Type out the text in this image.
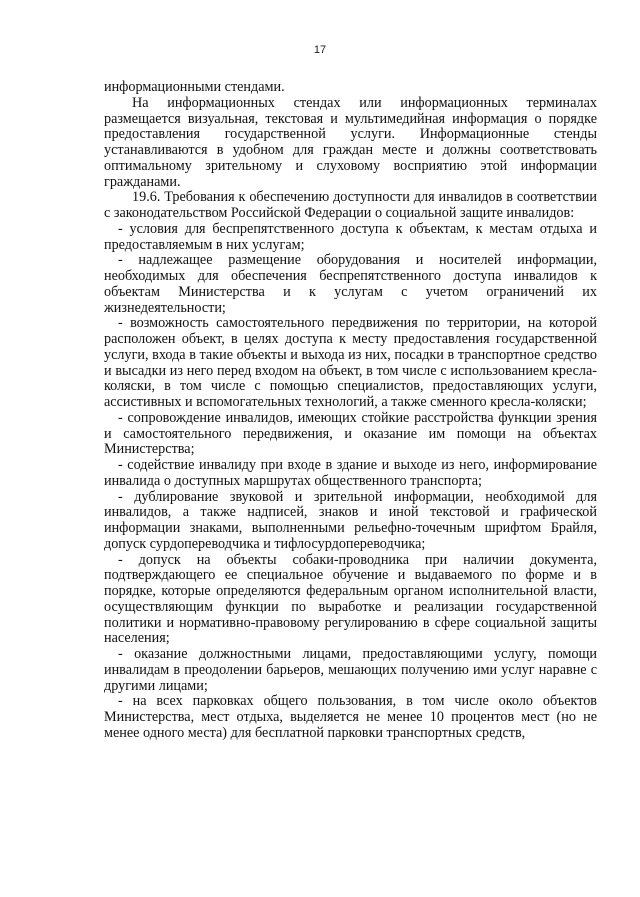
17

информационными стендами.

На информационных стендах или информационных терминалах размещается визуальная, текстовая и мультимедийная информация о порядке предоставления государственной услуги. Информационные стенды устанавливаются в удобном для граждан месте и должны соответствовать оптимальному зрительному и слуховому восприятию этой информации гражданами.

19.6. Требования к обеспечению доступности для инвалидов в соответствии с законодательством Российской Федерации о социальной защите инвалидов:

- условия для беспрепятственного доступа к объектам, к местам отдыха и предоставляемым в них услугам;

- надлежащее размещение оборудования и носителей информации, необходимых для обеспечения беспрепятственного доступа инвалидов к объектам Министерства и к услугам с учетом ограничений их жизнедеятельности;

- возможность самостоятельного передвижения по территории, на которой расположен объект, в целях доступа к месту предоставления государственной услуги, входа в такие объекты и выхода из них, посадки в транспортное средство и высадки из него перед входом на объект, в том числе с использованием кресла-коляски, в том числе с помощью специалистов, предоставляющих услуги, ассистивных и вспомогательных технологий, а также сменного кресла-коляски;

- сопровождение инвалидов, имеющих стойкие расстройства функции зрения и самостоятельного передвижения, и оказание им помощи на объектах Министерства;

- содействие инвалиду при входе в здание и выходе из него, информирование инвалида о доступных маршрутах общественного транспорта;

- дублирование звуковой и зрительной информации, необходимой для инвалидов, а также надписей, знаков и иной текстовой и графической информации знаками, выполненными рельефно-точечным шрифтом Брайля, допуск сурдопереводчика и тифлосурдопереводчика;

- допуск на объекты собаки-проводника при наличии документа, подтверждающего ее специальное обучение и выдаваемого по форме и в порядке, которые определяются федеральным органом исполнительной власти, осуществляющим функции по выработке и реализации государственной политики и нормативно-правовому регулированию в сфере социальной защиты населения;

- оказание должностными лицами, предоставляющими услугу, помощи инвалидам в преодолении барьеров, мешающих получению ими услуг наравне с другими лицами;

- на всех парковках общего пользования, в том числе около объектов Министерства, мест отдыха, выделяется не менее 10 процентов мест (но не менее одного места) для бесплатной парковки транспортных средств,
